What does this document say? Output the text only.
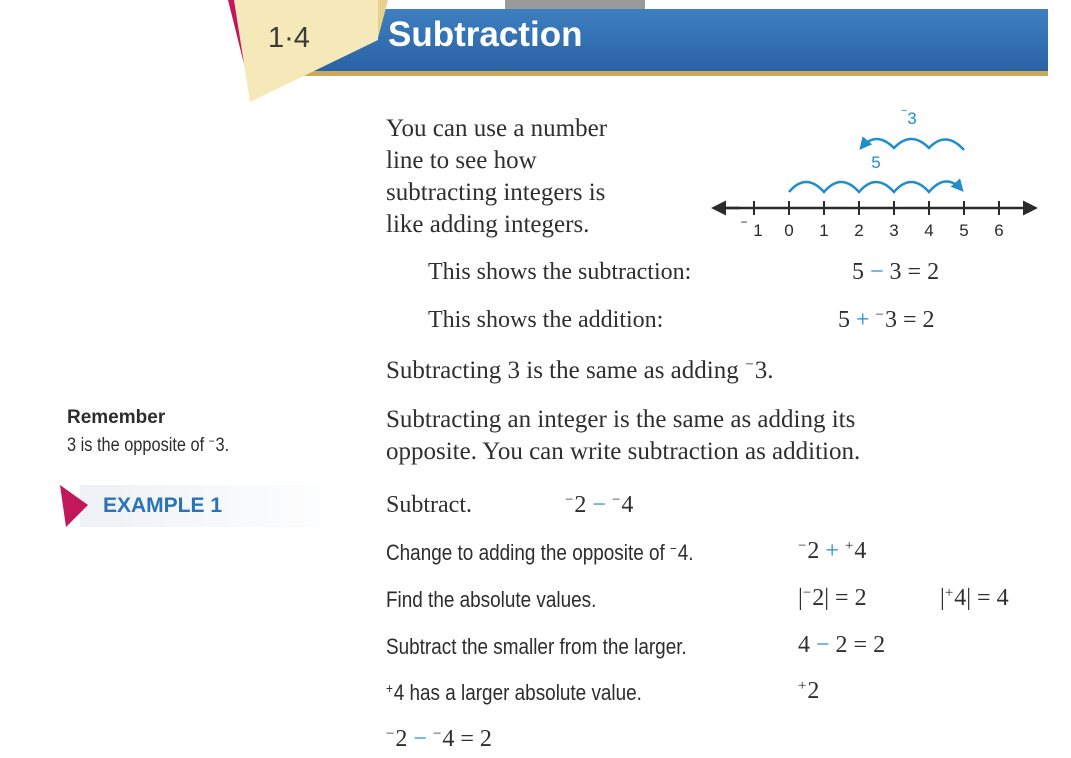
1·4 Subtraction
You can use a number
line to see how
subtracting integers is
like adding integers.	1
− 0 1 2 3 4 5 6
5
3
−
This shows the subtraction:	5 − 3 = 2
This shows the addition:	5 + −3 = 2
Subtracting 3 is the same as adding −3.
Subtracting an integer is the same as adding its
opposite. You can write subtraction as addition.
Remember
3 is the opposite of −3.
EXAMPLE 1	Subtract.	−2 − −4
Change to adding the opposite of −4.	−2 + +4
Find the absolute values.	|−2| = 2	|+4| = 4
Subtract the smaller from the larger.	4 − 2 = 2
+4 has a larger absolute value.	+2
−2 − −4 = 2
